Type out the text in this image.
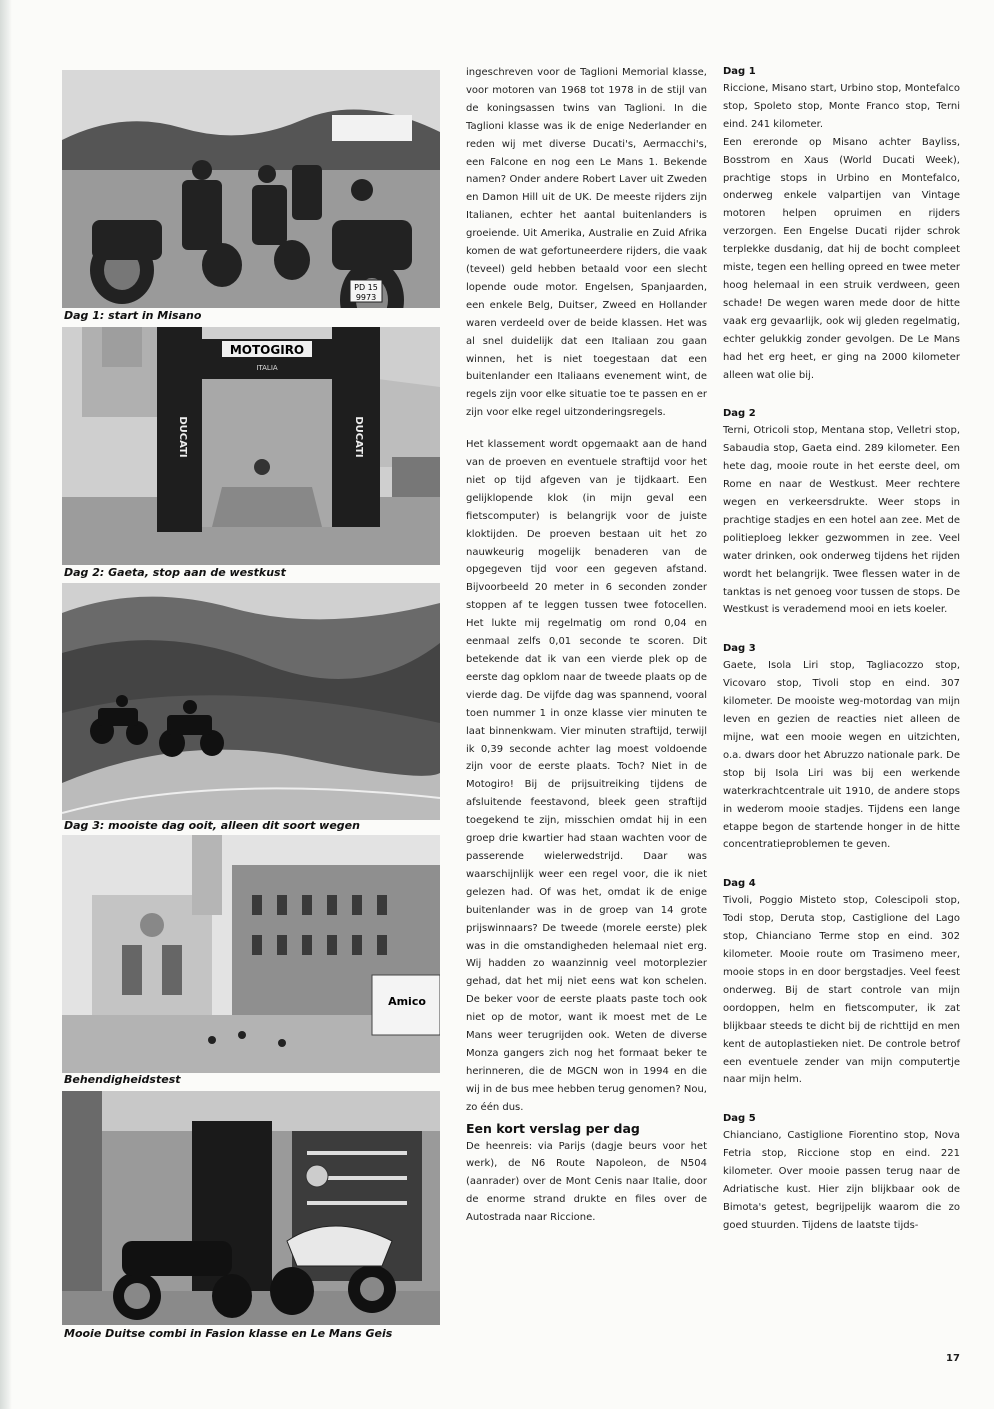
PD 15
9973
Dag 1: start in Misano
MOTOGIRO
ITALIA
DUCATI	DUCATI
Dag 2: Gaeta, stop aan de westkust
Dag 3: mooiste dag ooit, alleen dit soort wegen
Amico
Behendigheidstest
Mooie Duitse combi in Fasion klasse en Le Mans Geis

ingeschreven voor de Taglioni Memorial klasse, voor motoren van 1968 tot 1978 in de stijl van de koningsassen twins van Taglioni. In die Taglioni klasse was ik de enige Nederlander en reden wij met diverse Ducati's, Aermacchi's, een Falcone en nog een Le Mans 1. Bekende namen? Onder andere Robert Laver uit Zweden en Damon Hill uit de UK. De meeste rijders zijn Italianen, echter het aantal buitenlanders is groeiende. Uit Amerika, Australie en Zuid Afrika komen de wat gefortuneerdere rijders, die vaak (teveel) geld hebben betaald voor een slecht lopende oude motor. Engelsen, Spanjaarden, een enkele Belg, Duitser, Zweed en Hollander waren verdeeld over de beide klassen. Het was al snel duidelijk dat een Italiaan zou gaan winnen, het is niet toegestaan dat een buitenlander een Italiaans evenement wint, de regels zijn voor elke situatie toe te passen en er zijn voor elke regel uitzonderingsregels.

Het klassement wordt opgemaakt aan de hand van de proeven en eventuele straftijd voor het niet op tijd afgeven van je tijdkaart. Een gelijklopende klok (in mijn geval een fietscomputer) is belangrijk voor de juiste kloktijden. De proeven bestaan uit het zo nauwkeurig mogelijk benaderen van de opgegeven tijd voor een gegeven afstand. Bijvoorbeeld 20 meter in 6 seconden zonder stoppen af te leggen tussen twee fotocellen. Het lukte mij regelmatig om rond 0,04 en eenmaal zelfs 0,01 seconde te scoren. Dit betekende dat ik van een vierde plek op de eerste dag opklom naar de tweede plaats op de vierde dag. De vijfde dag was spannend, vooral toen nummer 1 in onze klasse vier minuten te laat binnenkwam. Vier minuten straftijd, terwijl ik 0,39 seconde achter lag moest voldoende zijn voor de eerste plaats. Toch? Niet in de Motogiro! Bij de prijsuitreiking tijdens de afsluitende feestavond, bleek geen straftijd toegekend te zijn, misschien omdat hij in een groep drie kwartier had staan wachten voor de passerende wielerwedstrijd. Daar was waarschijnlijk weer een regel voor, die ik niet gelezen had. Of was het, omdat ik de enige buitenlander was in de groep van 14 grote prijswinnaars? De tweede (morele eerste) plek was in die omstandigheden helemaal niet erg. Wij hadden zo waanzinnig veel motorplezier gehad, dat het mij niet eens wat kon schelen. De beker voor de eerste plaats paste toch ook niet op de motor, want ik moest met de Le Mans weer terugrijden ook. Weten de diverse Monza gangers zich nog het formaat beker te herinneren, die de MGCN won in 1994 en die wij in de bus mee hebben terug genomen? Nou, zo één dus.

Een kort verslag per dag

De heenreis: via Parijs (dagje beurs voor het werk), de N6 Route Napoleon, de N504 (aanrader) over de Mont Cenis naar Italie, door de enorme strand drukte en files over de Autostrada naar Riccione.

Dag 1

Riccione, Misano start, Urbino stop, Montefalco stop, Spoleto stop, Monte Franco stop, Terni eind. 241 kilometer.

Een ereronde op Misano achter Bayliss, Bosstrom en Xaus (World Ducati Week), prachtige stops in Urbino en Montefalco, onderweg enkele valpartijen van Vintage motoren helpen opruimen en rijders verzorgen. Een Engelse Ducati rijder schrok terplekke dusdanig, dat hij de bocht compleet miste, tegen een helling opreed en twee meter hoog helemaal in een struik verdween, geen schade! De wegen waren mede door de hitte vaak erg gevaarlijk, ook wij gleden regelmatig, echter gelukkig zonder gevolgen. De Le Mans had het erg heet, er ging na 2000 kilometer alleen wat olie bij.

Dag 2

Terni, Otricoli stop, Mentana stop, Velletri stop, Sabaudia stop, Gaeta eind. 289 kilometer. Een hete dag, mooie route in het eerste deel, om Rome en naar de Westkust. Meer rechtere wegen en verkeersdrukte. Weer stops in prachtige stadjes en een hotel aan zee. Met de politieploeg lekker gezwommen in zee. Veel water drinken, ook onderweg tijdens het rijden wordt het belangrijk. Twee flessen water in de tanktas is net genoeg voor tussen de stops. De Westkust is verademend mooi en iets koeler.

Dag 3

Gaete, Isola Liri stop, Tagliacozzo stop, Vicovaro stop, Tivoli stop en eind. 307 kilometer. De mooiste weg-motordag van mijn leven en gezien de reacties niet alleen de mijne, wat een mooie wegen en uitzichten, o.a. dwars door het Abruzzo nationale park. De stop bij Isola Liri was bij een werkende waterkrachtcentrale uit 1910, de andere stops in wederom mooie stadjes. Tijdens een lange etappe begon de startende honger in de hitte concentratieproblemen te geven.

Dag 4

Tivoli, Poggio Misteto stop, Colescipoli stop, Todi stop, Deruta stop, Castiglione del Lago stop, Chianciano Terme stop en eind. 302 kilometer. Mooie route om Trasimeno meer, mooie stops in en door bergstadjes. Veel feest onderweg. Bij de start controle van mijn oordoppen, helm en fietscomputer, ik zat blijkbaar steeds te dicht bij de richttijd en men kent de autoplastieken niet. De controle betrof een eventuele zender van mijn computertje naar mijn helm.

Dag 5

Chianciano, Castiglione Fiorentino stop, Nova Fetria stop, Riccione stop en eind. 221 kilometer. Over mooie passen terug naar de Adriatische kust. Hier zijn blijkbaar ook de Bimota's getest, begrijpelijk waarom die zo goed stuurden. Tijdens de laatste tijds-

17
